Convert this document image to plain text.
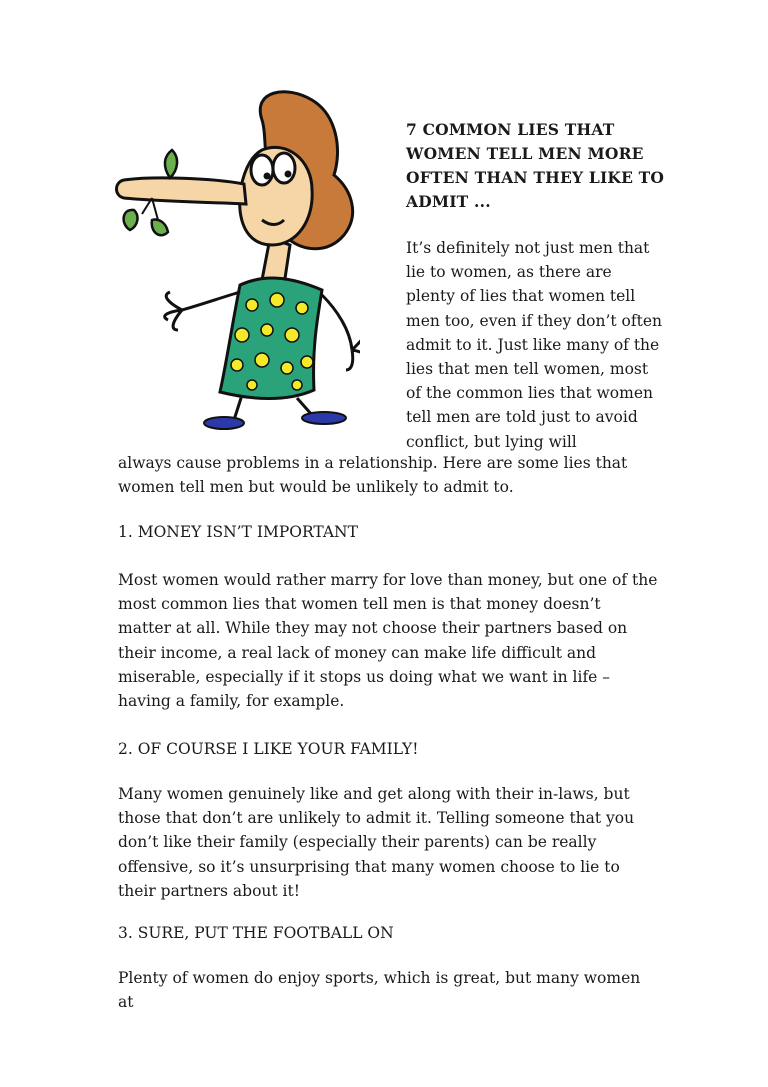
7 COMMON LIES THAT WOMEN TELL MEN MORE OFTEN THAN THEY LIKE TO ADMIT ...

It’s definitely not just men that lie to women, as there are plenty of lies that women tell men too, even if they don’t often admit to it. Just like many of the lies that men tell women, most of the common lies that women tell men are told just to avoid conflict, but lying will

always cause problems in a relationship. Here are some lies that women tell men but would be unlikely to admit to.

1. MONEY ISN’T IMPORTANT

Most women would rather marry for love than money, but one of the most common lies that women tell men is that money doesn’t matter at all. While they may not choose their partners based on their income, a real lack of money can make life difficult and miserable, especially if it stops us doing what we want in life – having a family, for example.

2. OF COURSE I LIKE YOUR FAMILY!

Many women genuinely like and get along with their in-laws, but those that don’t are unlikely to admit it. Telling someone that you don’t like their family (especially their parents) can be really offensive, so it’s unsurprising that many women choose to lie to their partners about it!

3. SURE, PUT THE FOOTBALL ON

Plenty of women do enjoy sports, which is great, but many women at
